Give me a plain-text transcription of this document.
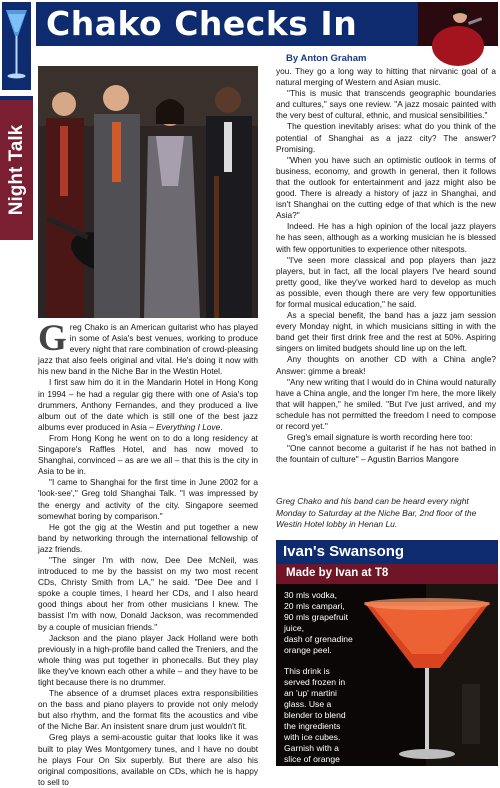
Night Talk
Chako Checks In
By Anton Graham

Greg Chako is an American guitarist who has played in some of Asia's best venues, working to produce every night that rare combination of crowd-pleasing jazz that also feels original and vital. He's doing it now with his new band in the Niche Bar in the Westin Hotel.

I first saw him do it in the Mandarin Hotel in Hong Kong in 1994 – he had a regular gig there with one of Asia's top drummers, Anthony Fernandes, and they produced a live album out of the date which is still one of the best jazz albums ever produced in Asia – Everything I Love.

From Hong Kong he went on to do a long residency at Singapore's Raffles Hotel, and has now moved to Shanghai, convinced – as are we all – that this is the city in Asia to be in.

"I came to Shanghai for the first time in June 2002 for a 'look-see'," Greg told Shanghai Talk. "I was impressed by the energy and activity of the city. Singapore seemed somewhat boring by comparison."

He got the gig at the Westin and put together a new band by networking through the international fellowship of jazz friends.

"The singer I'm with now, Dee Dee McNeil, was introduced to me by the bassist on my two most recent CDs, Christy Smith from LA," he said. "Dee Dee and I spoke a couple times, I heard her CDs, and I also heard good things about her from other musicians I knew. The bassist I'm with now, Donald Jackson, was recommended by a couple of musician friends."

Jackson and the piano player Jack Holland were both previously in a high-profile band called the Treniers, and the whole thing was put together in phonecalls. But they play like they've known each other a while – and they have to be tight because there is no drummer.

The absence of a drumset places extra responsibilities on the bass and piano players to provide not only melody but also rhythm, and the format fits the acoustics and vibe of the Niche Bar. An insistent snare drum just wouldn't fit.

Greg plays a semi-acoustic guitar that looks like it was built to play Wes Montgomery tunes, and I have no doubt he plays Four On Six superbly. But there are also his original compositions, available on CDs, which he is happy to sell to

you. They go a long way to hitting that nirvanic goal of a natural merging of Western and Asian music.

"This is music that transcends geographic boundaries and cultures," says one review. "A jazz mosaic painted with the very best of cultural, ethnic, and musical sensibilities."

The question inevitably arises: what do you think of the potential of Shanghai as a jazz city? The answer? Promising.

"When you have such an optimistic outlook in terms of business, economy, and growth in general, then it follows that the outlook for entertainment and jazz might also be good. There is already a history of jazz in Shanghai, and isn't Shanghai on the cutting edge of that which is the new Asia?"

Indeed. He has a high opinion of the local jazz players he has seen, although as a working musician he is blessed with few opportunities to experience other nitespots.

"I've seen more classical and pop players than jazz players, but in fact, all the local players I've heard sound pretty good, like they've worked hard to develop as much as possible, even though there are very few opportunities for formal musical education," he said.

As a special benefit, the band has a jazz jam session every Monday night, in which musicians sitting in with the band get their first drink free and the rest at 50%. Aspiring singers on limited budgets should line up on the left.

Any thoughts on another CD with a China angle? Answer: gimme a break!

"Any new writing that I would do in China would naturally have a China angle, and the longer I'm here, the more likely that will happen," he smiled. "But I've just arrived, and my schedule has not permitted the freedom I need to compose or record yet."

Greg's email signature is worth recording here too:

"One cannot become a guitarist if he has not bathed in the fountain of culture" – Agustin Barrios Mangore

Greg Chako and his band can be heard every night Monday to Saturday at the Niche Bar, 2nd floor of the Westin Hotel lobby in Henan Lu.
Ivan's Swansong
Made by Ivan at T8

30 mls vodka,

20 mls campari,

90 mls grapefruit

juice,

dash of grenadine

orange peel.

This drink is

served frozen in

an 'up' martini

glass. Use a

blender to blend

the ingredients

with ice cubes.

Garnish with a

slice of orange

peel.
